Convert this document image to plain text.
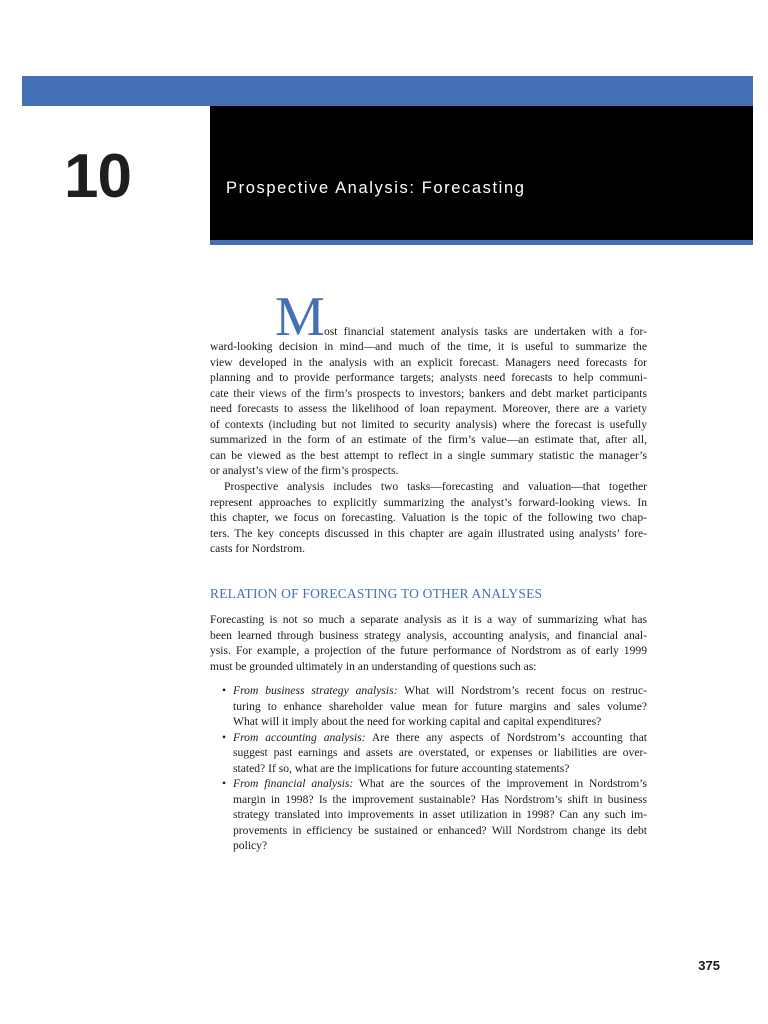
10	Prospective Analysis: Forecasting
M ost financial statement analysis tasks are undertaken with a for-
ward-looking decision in mind—and much of the time, it is useful to summarize the
view developed in the analysis with an explicit forecast. Managers need forecasts for
planning and to provide performance targets; analysts need forecasts to help communi-
cate their views of the firm’s prospects to investors; bankers and debt market participants
need forecasts to assess the likelihood of loan repayment. Moreover, there are a variety
of contexts (including but not limited to security analysis) where the forecast is usefully
summarized in the form of an estimate of the firm’s value—an estimate that, after all,
can be viewed as the best attempt to reflect in a single summary statistic the manager’s
or analyst’s view of the firm’s prospects.
Prospective analysis includes two tasks—forecasting and valuation—that together
represent approaches to explicitly summarizing the analyst’s forward-looking views. In
this chapter, we focus on forecasting. Valuation is the topic of the following two chap-
ters. The key concepts discussed in this chapter are again illustrated using analysts’ fore-
casts for Nordstrom.
RELATION OF FORECASTING TO OTHER ANALYSES
Forecasting is not so much a separate analysis as it is a way of summarizing what has
been learned through business strategy analysis, accounting analysis, and financial anal-
ysis. For example, a projection of the future performance of Nordstrom as of early 1999
must be grounded ultimately in an understanding of questions such as:
• From business strategy analysis: What will Nordstrom’s recent focus on restruc-
turing to enhance shareholder value mean for future margins and sales volume?
What will it imply about the need for working capital and capital expenditures?
• From accounting analysis: Are there any aspects of Nordstrom’s accounting that
suggest past earnings and assets are overstated, or expenses or liabilities are over-
stated? If so, what are the implications for future accounting statements?
• From financial analysis: What are the sources of the improvement in Nordstrom’s
margin in 1998? Is the improvement sustainable? Has Nordstrom’s shift in business
strategy translated into improvements in asset utilization in 1998? Can any such im-
provements in efficiency be sustained or enhanced? Will Nordstrom change its debt
policy?
375
